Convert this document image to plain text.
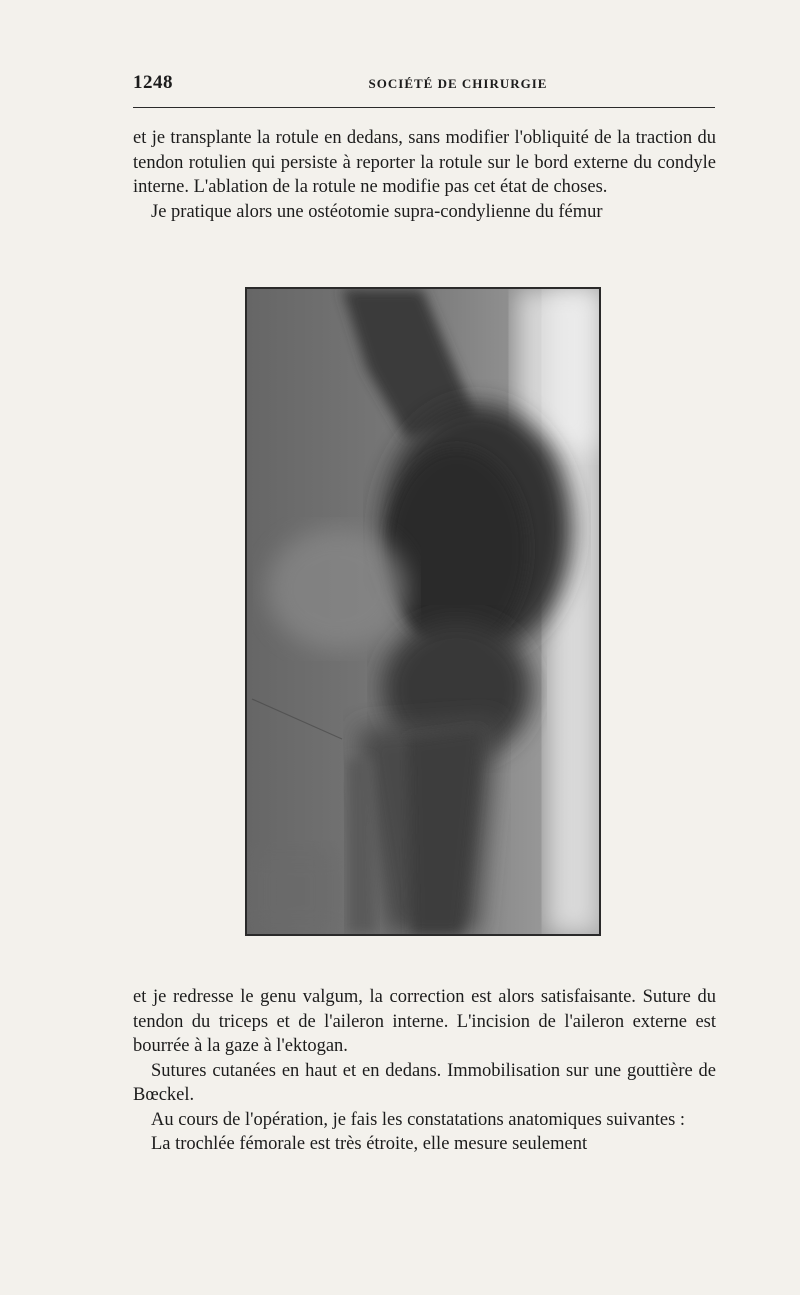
1248	SOCIÉTÉ DE CHIRURGIE

et je transplante la rotule en dedans, sans modifier l'obliquité de la traction du tendon rotulien qui persiste à reporter la rotule sur le bord externe du condyle interne. L'ablation de la rotule ne modifie pas cet état de choses.

Je pratique alors une ostéotomie supra-condylienne du fémur

et je redresse le genu valgum, la correction est alors satisfaisante. Suture du tendon du triceps et de l'aileron interne. L'incision de l'aileron externe est bourrée à la gaze à l'ektogan.

Sutures cutanées en haut et en dedans. Immobilisation sur une gouttière de Bœckel.

Au cours de l'opération, je fais les constatations anatomiques suivantes :

La trochlée fémorale est très étroite, elle mesure seulement
